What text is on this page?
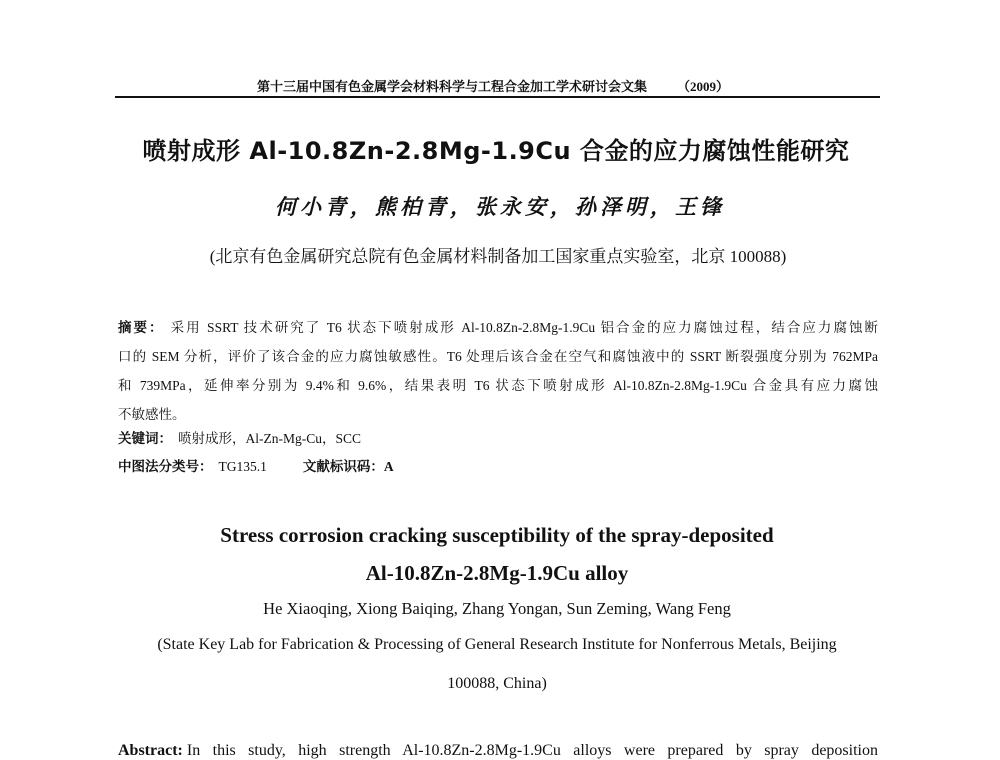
第十三届中国有色金属学会材料科学与工程合金加工学术研讨会文集 （2009）
喷射成形 Al-10.8Zn-2.8Mg-1.9Cu 合金的应力腐蚀性能研究
何小青，熊柏青，张永安，孙泽明，王锋
(北京有色金属研究总院有色金属材料制备加工国家重点实验室，北京 100088)
摘要： 采用 SSRT 技术研究了 T6 状态下喷射成形 Al-10.8Zn-2.8Mg-1.9Cu 铝合金的应力腐蚀过程，结合应力腐蚀断
口的 SEM 分析，评价了该合金的应力腐蚀敏感性。T6 处理后该合金在空气和腐蚀液中的 SSRT 断裂强度分别为 762MPa
和 739MPa，延伸率分别为 9.4%和 9.6%，结果表明 T6 状态下喷射成形 Al-10.8Zn-2.8Mg-1.9Cu 合金具有应力腐蚀
不敏感性。
关键词： 喷射成形，Al-Zn-Mg-Cu，SCC
中图法分类号： TG135.1	文献标识码：A
Stress corrosion cracking susceptibility of the spray-deposited
Al-10.8Zn-2.8Mg-1.9Cu alloy
He Xiaoqing, Xiong Baiqing, Zhang Yongan, Sun Zeming, Wang Feng
(State Key Lab for Fabrication & Processing of General Research Institute for Nonferrous Metals, Beijing
100088, China)
Abstract: In this study, high strength Al-10.8Zn-2.8Mg-1.9Cu alloys were prepared by spray deposition
